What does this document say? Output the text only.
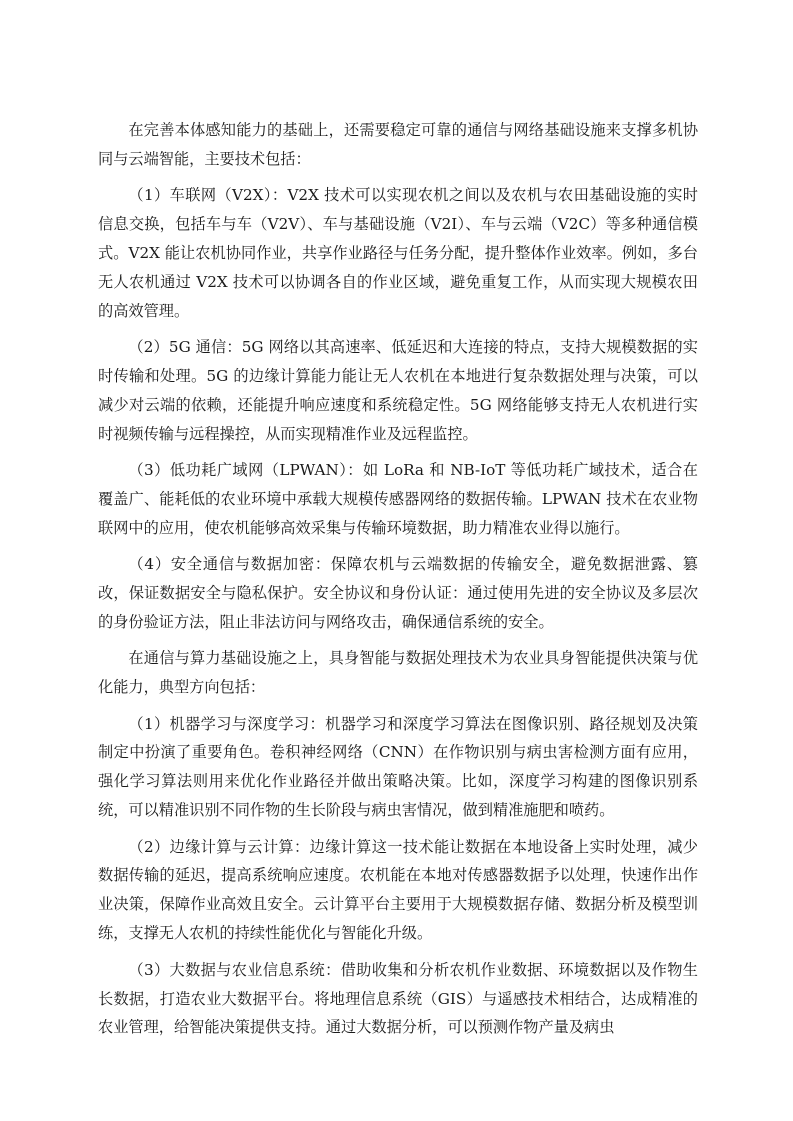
在完善本体感知能力的基础上，还需要稳定可靠的通信与网络基础设施来支撑多机协同与云端智能，主要技术包括：

（1）车联网（V2X）：V2X 技术可以实现农机之间以及农机与农田基础设施的实时信息交换，包括车与车（V2V）、车与基础设施（V2I）、车与云端（V2C）等多种通信模式。V2X 能让农机协同作业，共享作业路径与任务分配，提升整体作业效率。例如，多台无人农机通过 V2X 技术可以协调各自的作业区域，避免重复工作，从而实现大规模农田的高效管理。

（2）5G 通信：5G 网络以其高速率、低延迟和大连接的特点，支持大规模数据的实时传输和处理。5G 的边缘计算能力能让无人农机在本地进行复杂数据处理与决策，可以减少对云端的依赖，还能提升响应速度和系统稳定性。5G 网络能够支持无人农机进行实时视频传输与远程操控，从而实现精准作业及远程监控。

（3）低功耗广域网（LPWAN）：如 LoRa 和 NB-IoT 等低功耗广域技术，适合在覆盖广、能耗低的农业环境中承载大规模传感器网络的数据传输。LPWAN 技术在农业物联网中的应用，使农机能够高效采集与传输环境数据，助力精准农业得以施行。

（4）安全通信与数据加密：保障农机与云端数据的传输安全，避免数据泄露、篡改，保证数据安全与隐私保护。安全协议和身份认证：通过使用先进的安全协议及多层次的身份验证方法，阻止非法访问与网络攻击，确保通信系统的安全。

在通信与算力基础设施之上，具身智能与数据处理技术为农业具身智能提供决策与优化能力，典型方向包括：

（1）机器学习与深度学习：机器学习和深度学习算法在图像识别、路径规划及决策制定中扮演了重要角色。卷积神经网络（CNN）在作物识别与病虫害检测方面有应用，强化学习算法则用来优化作业路径并做出策略决策。比如，深度学习构建的图像识别系统，可以精准识别不同作物的生长阶段与病虫害情况，做到精准施肥和喷药。

（2）边缘计算与云计算：边缘计算这一技术能让数据在本地设备上实时处理，减少数据传输的延迟，提高系统响应速度。农机能在本地对传感器数据予以处理，快速作出作业决策，保障作业高效且安全。云计算平台主要用于大规模数据存储、数据分析及模型训练，支撑无人农机的持续性能优化与智能化升级。

（3）大数据与农业信息系统：借助收集和分析农机作业数据、环境数据以及作物生长数据，打造农业大数据平台。将地理信息系统（GIS）与遥感技术相结合，达成精准的农业管理，给智能决策提供支持。通过大数据分析，可以预测作物产量及病虫
